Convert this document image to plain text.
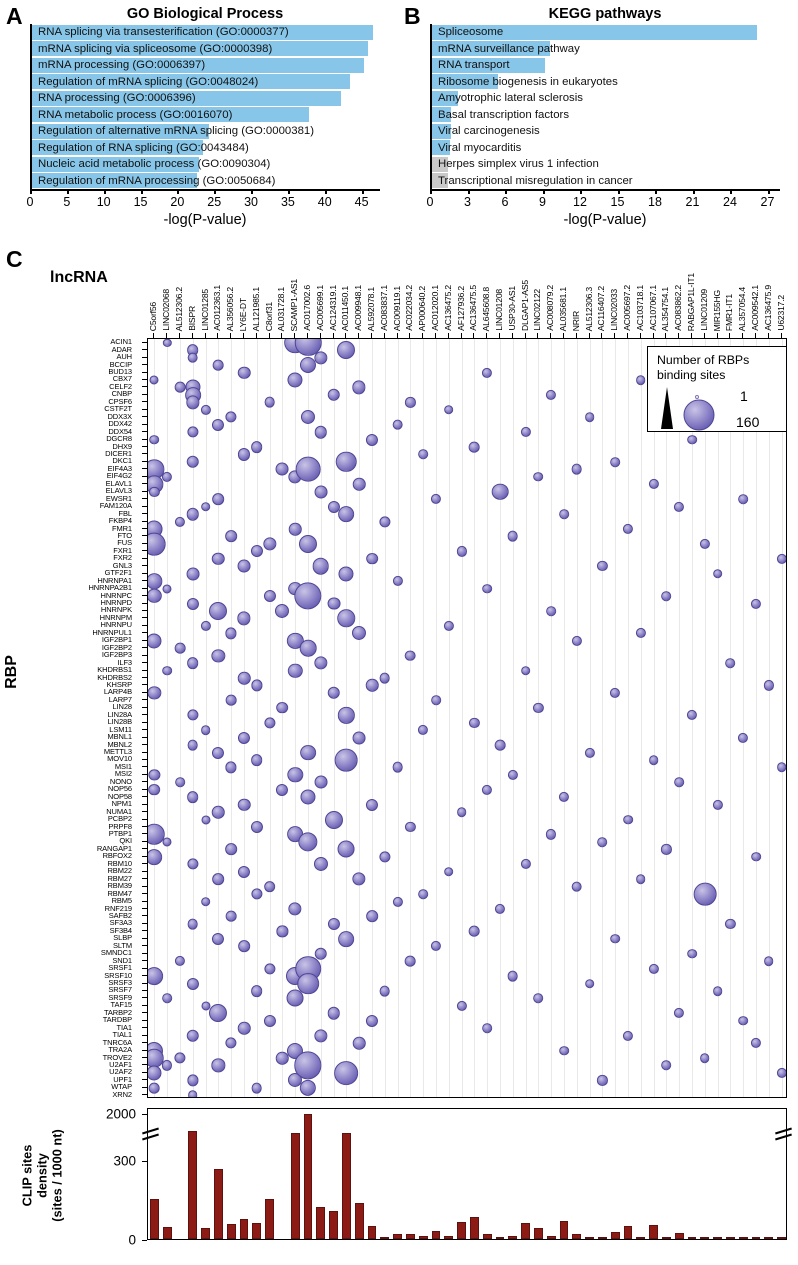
A	GO Biological Process
RNA splicing via transesterification (GO:0000377)
mRNA splicing via spliceosome (GO:0000398)
mRNA processing (GO:0006397)
Regulation of mRNA splicing (GO:0048024)
RNA processing (GO:0006396)
RNA metabolic process (GO:0016070)
Regulation of alternative mRNA splicing (GO:0000381)
Regulation of RNA splicing (GO:0043484)
Nucleic acid metabolic process (GO:0090304)
Regulation of mRNA processing (GO:0050684)
0 5 10 15 20 25 30 35 40 45
-log(P-value)
B	KEGG pathways
Spliceosome
mRNA surveillance pathway
RNA transport
Ribosome biogenesis in eukaryotes
Amyotrophic lateral sclerosis
Basal transcription factors
Viral carcinogenesis
Viral myocarditis
Herpes simplex virus 1 infection
Transcriptional misregulation in cancer
0 3 6 9 12 15 18 21 24 27
-log(P-value)
C
lncRNA
RBP
C5orf56 LINC02068 AL512306.2 BISPR LINC01285 AC012363.1 AL356056.2 LY6E-DT AL121985.1 C8orf31 AL031728.1 SCAMP1-AS1 AC017002.6 AC005699.1 AC124319.1 AC011450.1 AC009948.1 AL592078.1 AC083837.1 AC009119.1 AC022034.2 AP000640.2 AC012020.1 AC136475.2 AF127936.2 AC136475.5 AL645608.8 LINC01208 USP30-AS1 DLGAP1-AS5 LINC02122 AC008079.2 AL035681.1 NRIR AL512306.3 AC116407.2 LINC02033 AC005697.2 AC103718.1 AC107067.1 AL354754.1 AC083862.2 RABGAP1L-IT1 LINC01209 MIR155HG FMR1-IT1 AL357054.4 AC009542.1 AC136475.9 U62317.2
ACIN1
ADAR
AUH
BCCIP
BUD13
CBX7
CELF2
CNBP
CPSF6
CSTF2T
DDX3X
DDX42
DDX54
DGCR8
DHX9
DICER1
DKC1
EIF4A3
EIF4G2
ELAVL1
ELAVL3
EWSR1
FAM120A
FBL
FKBP4
FMR1
FTO
FUS
FXR1
FXR2
GNL3
GTF2F1
HNRNPA1
HNRNPA2B1
HNRNPC
HNRNPD
HNRNPK
HNRNPM
HNRNPU
HNRNPUL1
IGF2BP1
IGF2BP2
IGF2BP3
ILF3
KHDRBS1
KHDRBS2
KHSRP
LARP4B
LARP7
LIN28
LIN28A
LIN28B
LSM11
MBNL1
MBNL2
METTL3
MOV10
MSI1
MSI2
NONO
NOP56
NOP58
NPM1
NUMA1
PCBP2
PRPF8
PTBP1
QKI
RANGAP1
RBFOX2
RBM10
RBM22
RBM27
RBM39
RBM47
RBM5
RNF219
SAFB2
SF3A3
SF3B4
SLBP
SLTM
SMNDC1
SND1
SRSF1
SRSF10
SRSF3
SRSF7
SRSF9
TAF15
TARBP2
TARDBP
TIA1
TIAL1
TNRC6A
TRA2A
TROVE2
U2AF1
U2AF2
UPF1
WTAP
XRN2
Number of RBPs
binding sites
1
160
0
300
2000
CLIP sites density (sites / 1000 nt)
